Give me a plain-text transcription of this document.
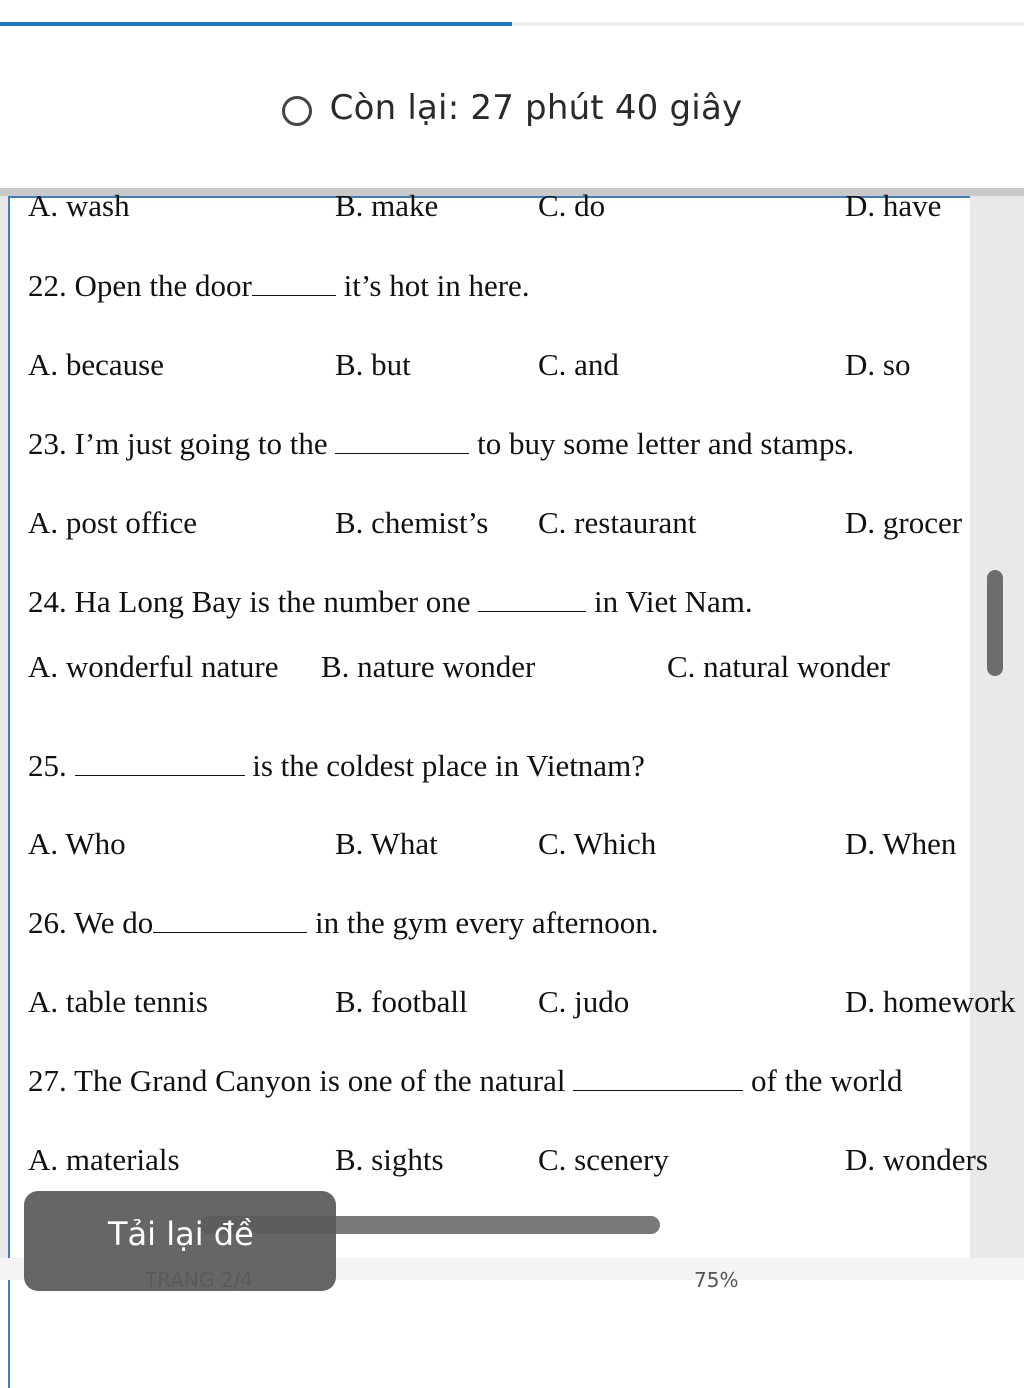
Còn lại: 27 phút 40 giây
A. wash	B. make	C. do	D. have
22. Open the door	it’s hot in here.
A. because	B. but	C. and	D. so
23. I’m just going to the	to buy some letter and stamps.
A. post office	B. chemist’s C. restaurant	D. grocer
24. Ha Long Bay is the number one	in Viet Nam.
A. wonderful nature B. nature wonder	C. natural wonder
25.	is the coldest place in Vietnam?
A. Who	B. What	C. Which	D. When
26. We do	in the gym every afternoon.
A. table tennis	B. football C. judo	D. homework
27. The Grand Canyon is one of the natural	of the world
A. materials	B. sights	C. scenery	D. wonders
75%
Tải lại đề
